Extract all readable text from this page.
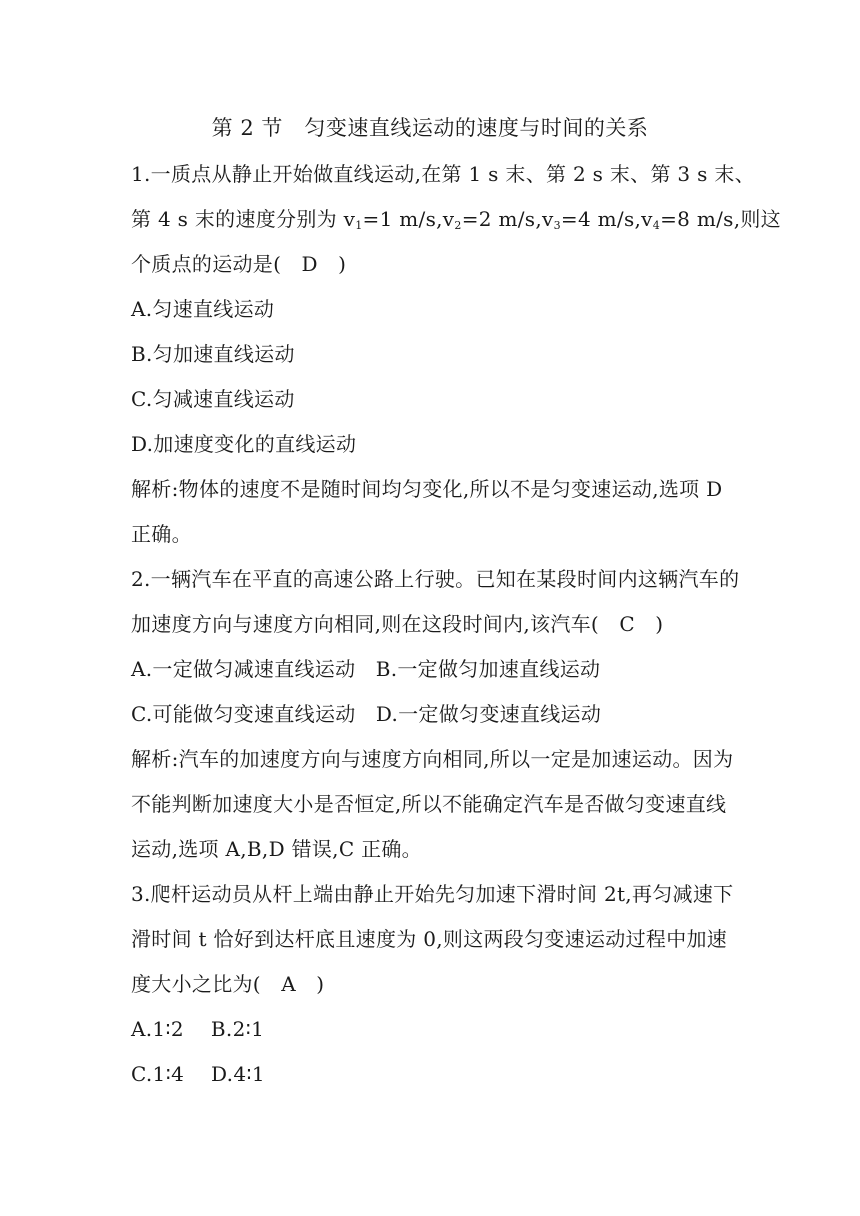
第 2 节　匀变速直线运动的速度与时间的关系
1.一质点从静止开始做直线运动,在第 1 s 末、第 2 s 末、第 3 s 末、
第 4 s 末的速度分别为 $v_1=1$ $m/s,v_2=2$ $m/s,v_3=4$ $m/s,v_4=8$ m/s,则这
个质点的运动是(　D　)
A.匀速直线运动
B.匀加速直线运动
C.匀减速直线运动
D.加速度变化的直线运动
解析:物体的速度不是随时间均匀变化,所以不是匀变速运动,选项 D
正确。
2.一辆汽车在平直的高速公路上行驶。已知在某段时间内这辆汽车的
加速度方向与速度方向相同,则在这段时间内,该汽车(　C　)
A.一定做匀减速直线运动　B.一定做匀加速直线运动
C.可能做匀变速直线运动　D.一定做匀变速直线运动
解析:汽车的加速度方向与速度方向相同,所以一定是加速运动。因为
不能判断加速度大小是否恒定,所以不能确定汽车是否做匀变速直线
运动,选项 A,B,D 错误,C 正确。
3.爬杆运动员从杆上端由静止开始先匀加速下滑时间 2t,再匀减速下
滑时间 t 恰好到达杆底且速度为 0,则这两段匀变速运动过程中加速
度大小之比为(　A　)
A.1∶2　 B.2∶1
C.1∶4　 D.4∶1
